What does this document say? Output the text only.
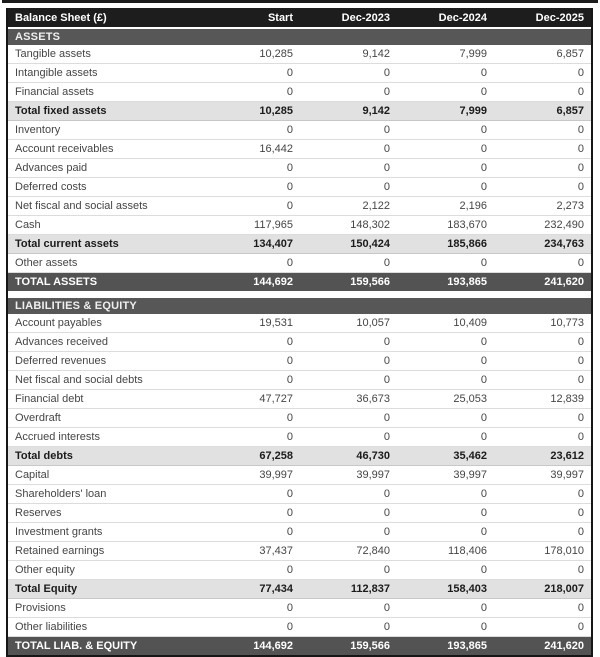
Balance Sheet (£)	Start	Dec-2023	Dec-2024	Dec-2025
ASSETS				
Tangible assets	10,285	9,142	7,999	6,857
Intangible assets	0	0	0	0
Financial assets	0	0	0	0
Total fixed assets	10,285	9,142	7,999	6,857
Inventory	0	0	0	0
Account receivables	16,442	0	0	0
Advances paid	0	0	0	0
Deferred costs	0	0	0	0
Net fiscal and social assets	0	2,122	2,196	2,273
Cash	117,965	148,302	183,670	232,490
Total current assets	134,407	150,424	185,866	234,763
Other assets	0	0	0	0
TOTAL ASSETS	144,692	159,566	193,865	241,620

LIABILITIES & EQUITY				
Account payables	19,531	10,057	10,409	10,773
Advances received	0	0	0	0
Deferred revenues	0	0	0	0
Net fiscal and social debts	0	0	0	0
Financial debt	47,727	36,673	25,053	12,839
Overdraft	0	0	0	0
Accrued interests	0	0	0	0
Total debts	67,258	46,730	35,462	23,612
Capital	39,997	39,997	39,997	39,997
Shareholders' loan	0	0	0	0
Reserves	0	0	0	0
Investment grants	0	0	0	0
Retained earnings	37,437	72,840	118,406	178,010
Other equity	0	0	0	0
Total Equity	77,434	112,837	158,403	218,007
Provisions	0	0	0	0
Other liabilities	0	0	0	0
TOTAL LIAB. & EQUITY	144,692	159,566	193,865	241,620
